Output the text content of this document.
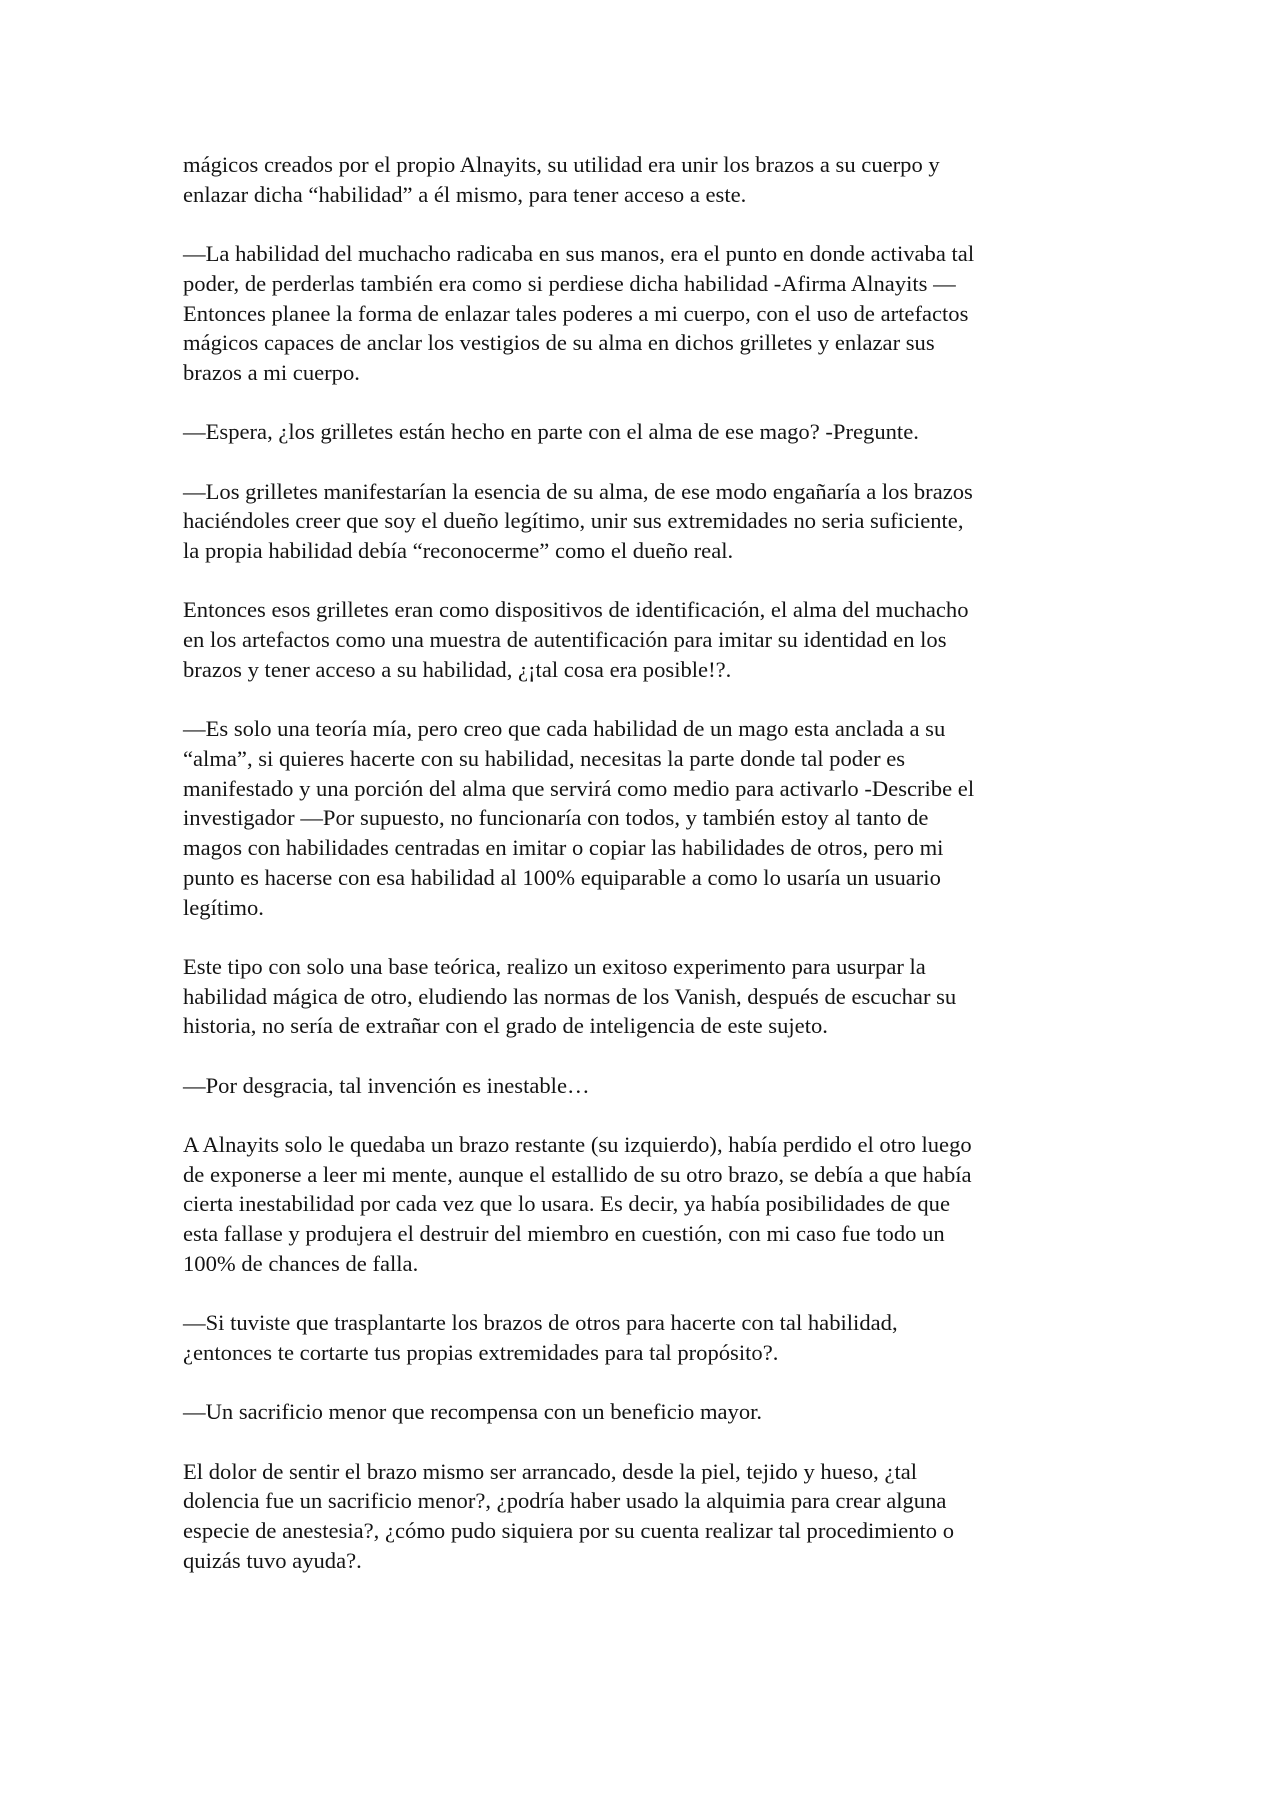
mágicos creados por el propio Alnayits, su utilidad era unir los brazos a su cuerpo y
enlazar dicha “habilidad” a él mismo, para tener acceso a este.

—La habilidad del muchacho radicaba en sus manos, era el punto en donde activaba tal
poder, de perderlas también era como si perdiese dicha habilidad -Afirma Alnayits —
Entonces planee la forma de enlazar tales poderes a mi cuerpo, con el uso de artefactos
mágicos capaces de anclar los vestigios de su alma en dichos grilletes y enlazar sus
brazos a mi cuerpo.

—Espera, ¿los grilletes están hecho en parte con el alma de ese mago? -Pregunte.

—Los grilletes manifestarían la esencia de su alma, de ese modo engañaría a los brazos
haciéndoles creer que soy el dueño legítimo, unir sus extremidades no seria suficiente,
la propia habilidad debía “reconocerme” como el dueño real.

Entonces esos grilletes eran como dispositivos de identificación, el alma del muchacho
en los artefactos como una muestra de autentificación para imitar su identidad en los
brazos y tener acceso a su habilidad, ¿¡tal cosa era posible!?.

—Es solo una teoría mía, pero creo que cada habilidad de un mago esta anclada a su
“alma”, si quieres hacerte con su habilidad, necesitas la parte donde tal poder es
manifestado y una porción del alma que servirá como medio para activarlo -Describe el
investigador —Por supuesto, no funcionaría con todos, y también estoy al tanto de
magos con habilidades centradas en imitar o copiar las habilidades de otros, pero mi
punto es hacerse con esa habilidad al 100% equiparable a como lo usaría un usuario
legítimo.

Este tipo con solo una base teórica, realizo un exitoso experimento para usurpar la
habilidad mágica de otro, eludiendo las normas de los Vanish, después de escuchar su
historia, no sería de extrañar con el grado de inteligencia de este sujeto.

—Por desgracia, tal invención es inestable…

A Alnayits solo le quedaba un brazo restante (su izquierdo), había perdido el otro luego
de exponerse a leer mi mente, aunque el estallido de su otro brazo, se debía a que había
cierta inestabilidad por cada vez que lo usara. Es decir, ya había posibilidades de que
esta fallase y produjera el destruir del miembro en cuestión, con mi caso fue todo un
100% de chances de falla.

—Si tuviste que trasplantarte los brazos de otros para hacerte con tal habilidad,
¿entonces te cortarte tus propias extremidades para tal propósito?.

—Un sacrificio menor que recompensa con un beneficio mayor.

El dolor de sentir el brazo mismo ser arrancado, desde la piel, tejido y hueso, ¿tal
dolencia fue un sacrificio menor?, ¿podría haber usado la alquimia para crear alguna
especie de anestesia?, ¿cómo pudo siquiera por su cuenta realizar tal procedimiento o
quizás tuvo ayuda?.
